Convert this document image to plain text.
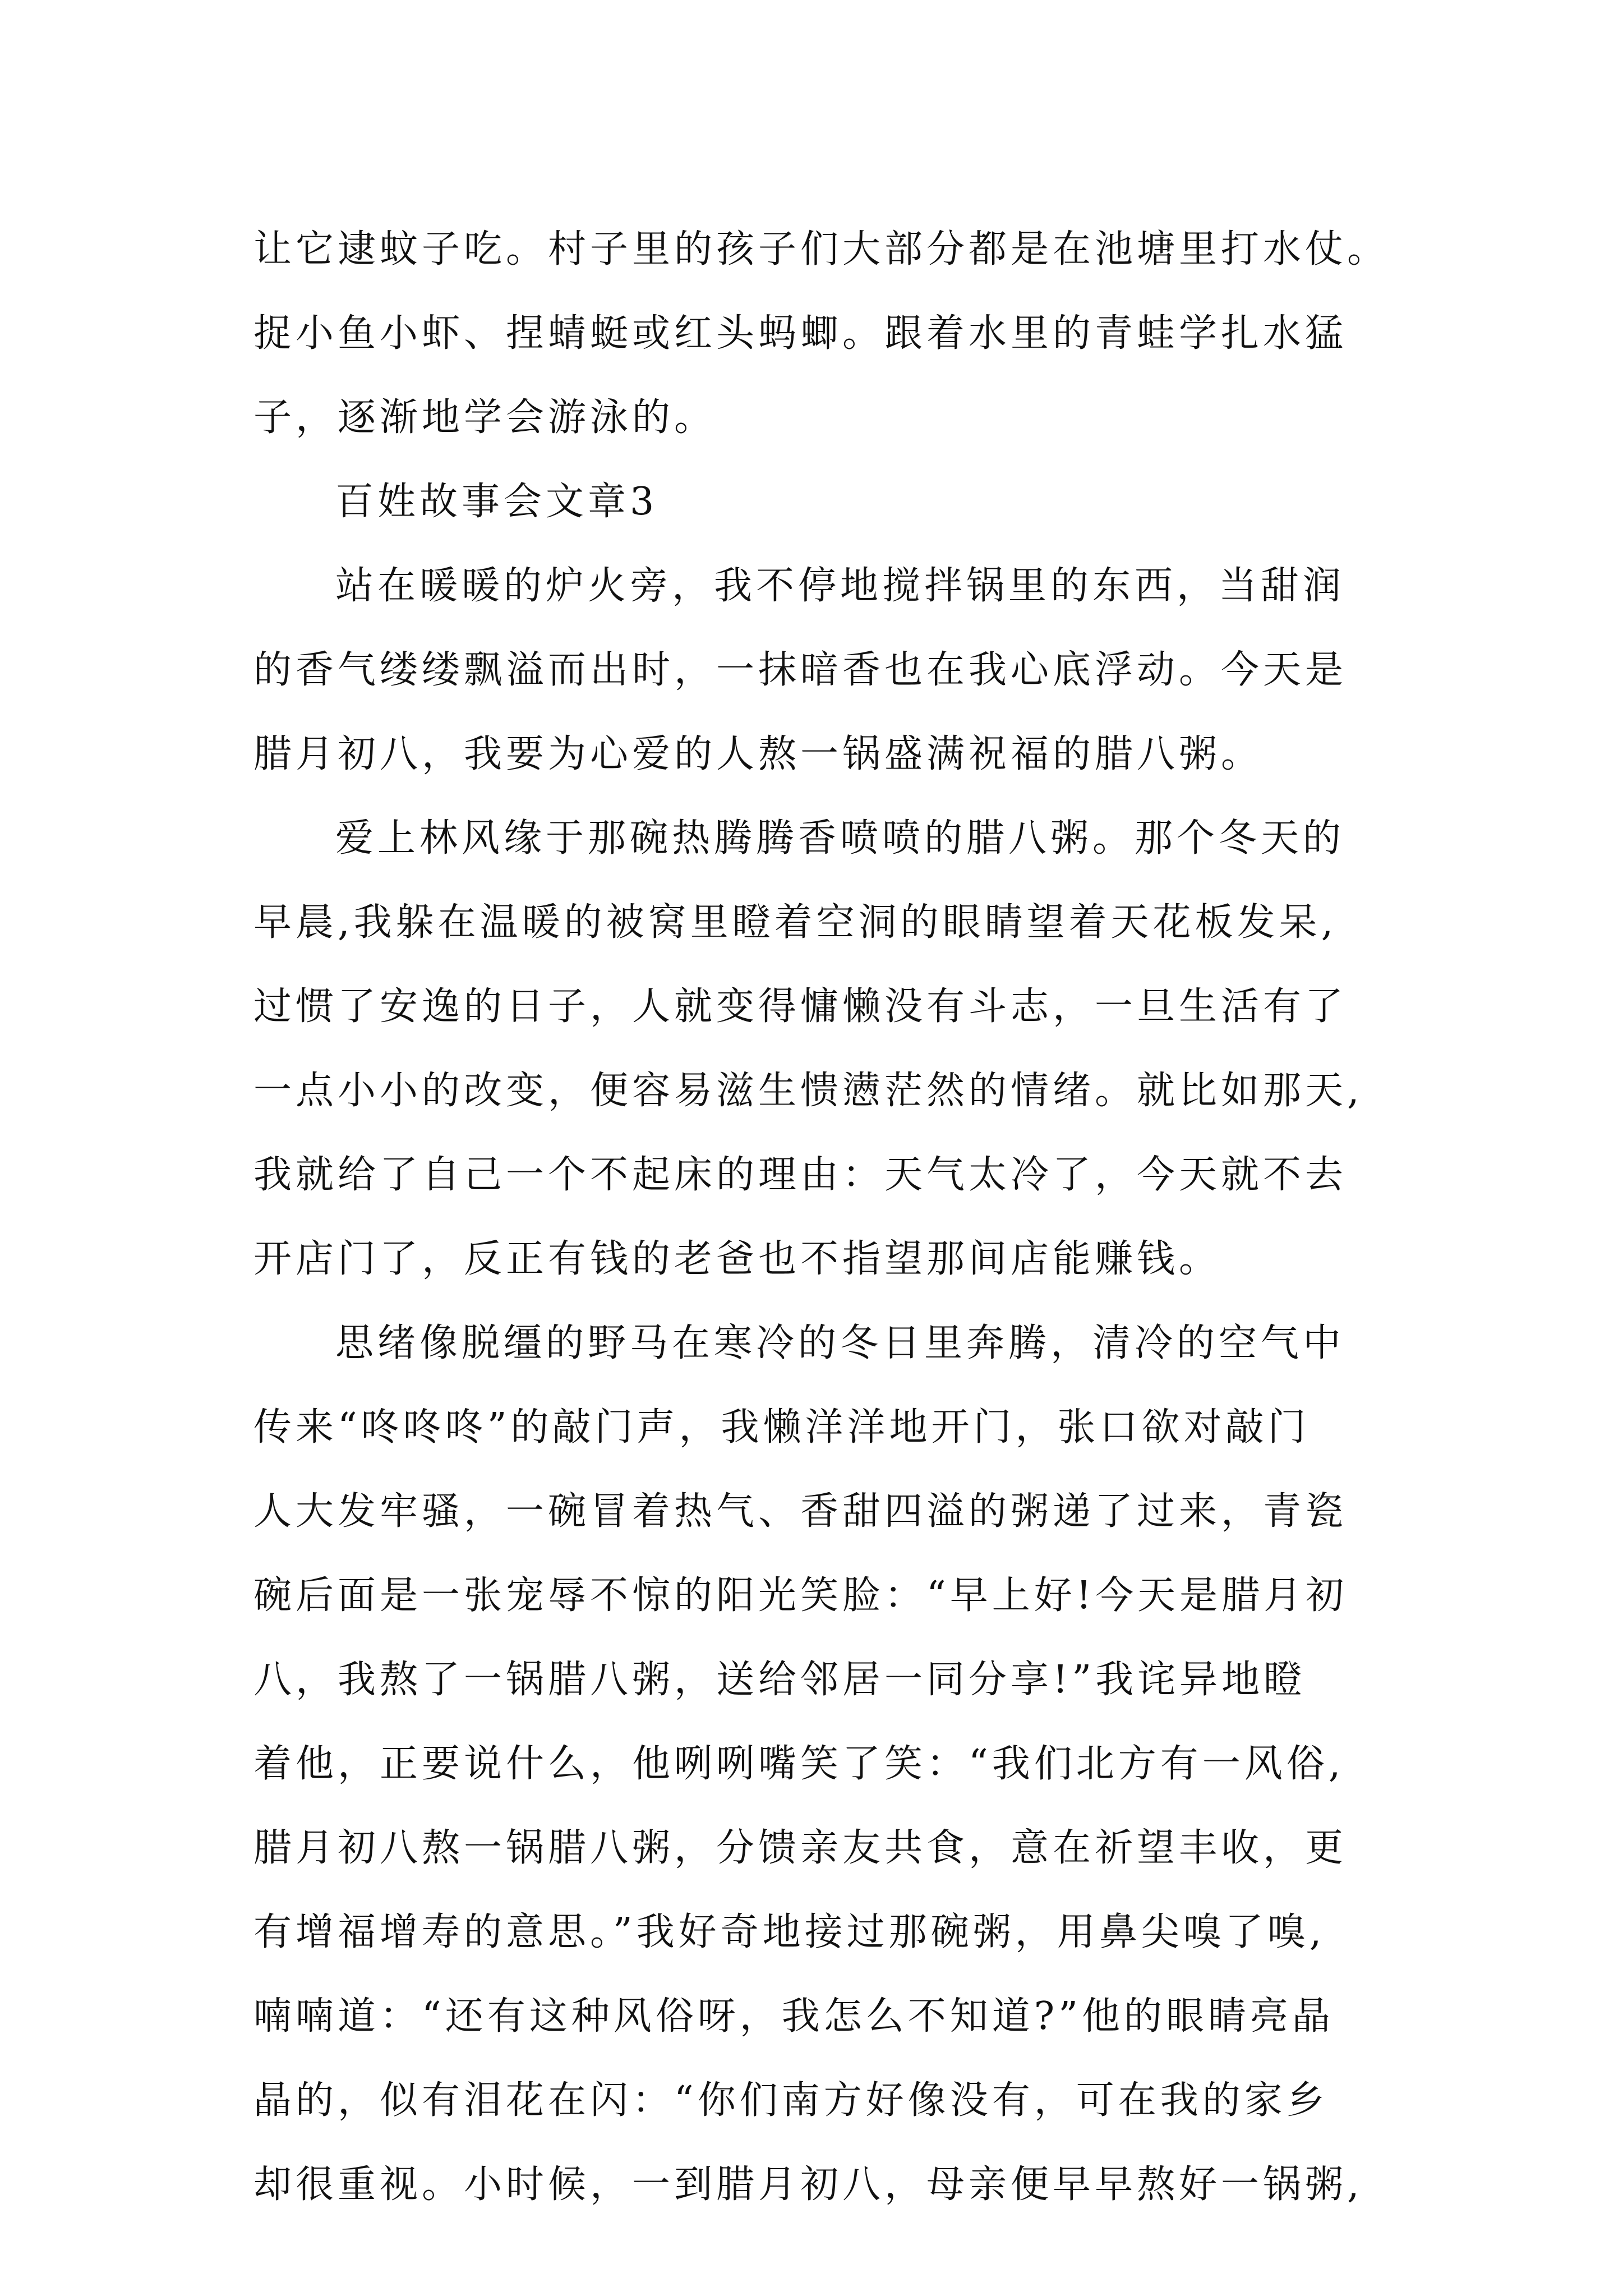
让它逮蚊子吃。村子里的孩子们大部分都是在池塘里打水仗。
捉小鱼小虾、捏蜻蜓或红头蚂蝍。跟着水里的青蛙学扎水猛
子，逐渐地学会游泳的。
百姓故事会文章3
站在暖暖的炉火旁，我不停地搅拌锅里的东西，当甜润
的香气缕缕飘溢而出时，一抹暗香也在我心底浮动。今天是
腊月初八，我要为心爱的人熬一锅盛满祝福的腊八粥。
爱上林风缘于那碗热腾腾香喷喷的腊八粥。那个冬天的
早晨,我躲在温暖的被窝里瞪着空洞的眼睛望着天花板发呆,
过惯了安逸的日子，人就变得慵懒没有斗志，一旦生活有了
一点小小的改变，便容易滋生愦懑茫然的情绪。就比如那天,
我就给了自己一个不起床的理由：天气太冷了，今天就不去
开店门了，反正有钱的老爸也不指望那间店能赚钱。
思绪像脱缰的野马在寒冷的冬日里奔腾，清冷的空气中
传来“咚咚咚”的敲门声，我懒洋洋地开门，张口欲对敲门
人大发牢骚，一碗冒着热气、香甜四溢的粥递了过来，青瓷
碗后面是一张宠辱不惊的阳光笑脸：“早上好!今天是腊月初
八，我熬了一锅腊八粥，送给邻居一同分享!”我诧异地瞪
着他，正要说什么，他咧咧嘴笑了笑：“我们北方有一风俗,
腊月初八熬一锅腊八粥，分馈亲友共食，意在祈望丰收，更
有增福增寿的意思。”我好奇地接过那碗粥，用鼻尖嗅了嗅,
喃喃道：“还有这种风俗呀，我怎么不知道?”他的眼睛亮晶
晶的，似有泪花在闪：“你们南方好像没有，可在我的家乡
却很重视。小时候，一到腊月初八，母亲便早早熬好一锅粥,
